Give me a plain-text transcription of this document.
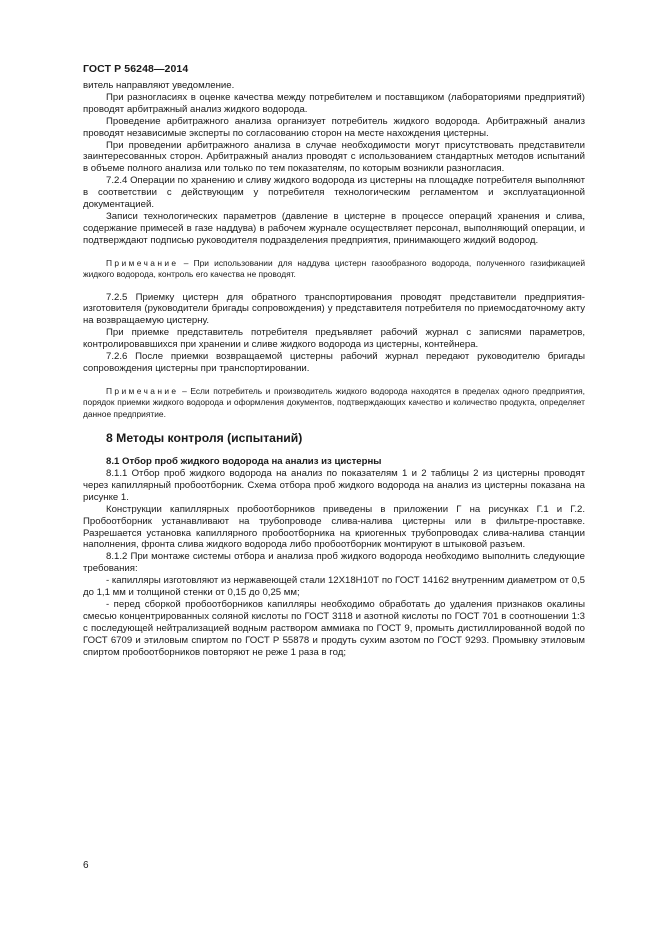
ГОСТ Р 56248—2014

витель направляют уведомление.

При разногласиях в оценке качества между потребителем и поставщиком (лабораториями предприятий) проводят арбитражный анализ жидкого водорода.

Проведение арбитражного анализа организует потребитель жидкого водорода. Арбитражный анализ проводят независимые эксперты по согласованию сторон на месте нахождения цистерны.

При проведении арбитражного анализа в случае необходимости могут присутствовать представители заинтересованных сторон. Арбитражный анализ проводят с использованием стандартных методов испытаний в объеме полного анализа или только по тем показателям, по которым возникли разногласия.

7.2.4 Операции по хранению и сливу жидкого водорода из цистерны на площадке потребителя выполняют в соответствии с действующим у потребителя технологическим регламентом и эксплуатационной документацией.

Записи технологических параметров (давление в цистерне в процессе операций хранения и слива, содержание примесей в газе наддува) в рабочем журнале осуществляет персонал, выполняющий операции, и подтверждают подписью руководителя подразделения предприятия, принимающего жидкий водород.

Примечание – При использовании для наддува цистерн газообразного водорода, полученного газификацией жидкого водорода, контроль его качества не проводят.

7.2.5 Приемку цистерн для обратного транспортирования проводят представители предприятия-изготовителя (руководители бригады сопровождения) у представителя потребителя по приемосдаточному акту на возвращаемую цистерну.

При приемке представитель потребителя предъявляет рабочий журнал с записями параметров, контролировавшихся при хранении и сливе жидкого водорода из цистерны, контейнера.

7.2.6 После приемки возвращаемой цистерны рабочий журнал передают руководителю бригады сопровождения цистерны при транспортировании.

Примечание – Если потребитель и производитель жидкого водорода находятся в пределах одного предприятия, порядок приемки жидкого водорода и оформления документов, подтверждающих качество и количество продукта, определяет данное предприятие.

8 Методы контроля (испытаний)

8.1 Отбор проб жидкого водорода на анализ из цистерны

8.1.1 Отбор проб жидкого водорода на анализ по показателям 1 и 2 таблицы 2 из цистерны проводят через капиллярный пробоотборник. Схема отбора проб жидкого водорода на анализ из цистерны показана на рисунке 1.

Конструкции капиллярных пробоотборников приведены в приложении Г на рисунках Г.1 и Г.2. Пробоотборник устанавливают на трубопроводе слива-налива цистерны или в фильтре-проставке. Разрешается установка капиллярного пробоотборника на криогенных трубопроводах слива-налива станции наполнения, фронта слива жидкого водорода либо пробоотборник монтируют в штыковой разъем.

8.1.2 При монтаже системы отбора и анализа проб жидкого водорода необходимо выполнить следующие требования:

- капилляры изготовляют из нержавеющей стали 12Х18Н10Т по ГОСТ 14162 внутренним диаметром от 0,5 до 1,1 мм и толщиной стенки от 0,15 до 0,25 мм;

- перед сборкой пробоотборников капилляры необходимо обработать до удаления признаков окалины смесью концентрированных соляной кислоты по ГОСТ 3118 и азотной кислоты по ГОСТ 701 в соотношении 1:3 с последующей нейтрализацией водным раствором аммиака по ГОСТ 9, промыть дистиллированной водой по ГОСТ 6709 и этиловым спиртом по ГОСТ Р 55878 и продуть сухим азотом по ГОСТ 9293. Промывку этиловым спиртом пробоотборников повторяют не реже 1 раза в год;

6
